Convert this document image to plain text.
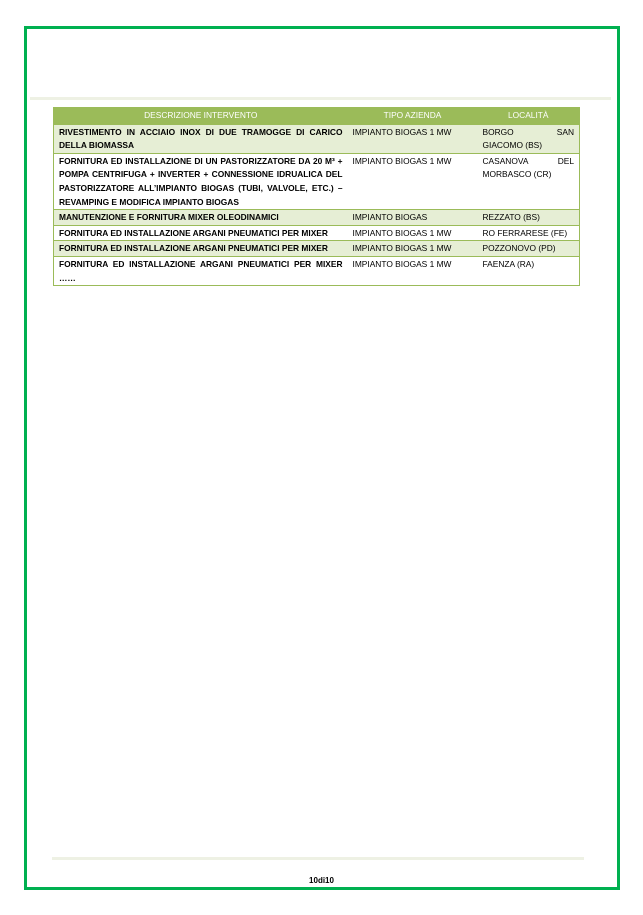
DESCRIZIONE INTERVENTO	TIPO AZIENDA	LOCALITÀ
RIVESTIMENTO IN ACCIAIO INOX DI DUE TRAMOGGE DI CARICO DELLA BIOMASSA	IMPIANTO BIOGAS 1 MW	BORGO SAN GIACOMO (BS)
FORNITURA ED INSTALLAZIONE DI UN PASTORIZZATORE DA 20 M³ + POMPA CENTRIFUGA + INVERTER + CONNESSIONE IDRUALICA DEL PASTORIZZATORE ALL’IMPIANTO BIOGAS (TUBI, VALVOLE, ETC.) – REVAMPING E MODIFICA IMPIANTO BIOGAS	IMPIANTO BIOGAS 1 MW	CASANOVA DEL MORBASCO (CR)
MANUTENZIONE E FORNITURA MIXER OLEODINAMICI	IMPIANTO BIOGAS	REZZATO (BS)
FORNITURA ED INSTALLAZIONE ARGANI PNEUMATICI PER MIXER	IMPIANTO BIOGAS 1 MW	RO FERRARESE (FE)
FORNITURA ED INSTALLAZIONE ARGANI PNEUMATICI PER MIXER	IMPIANTO BIOGAS 1 MW	POZZONOVO (PD)
FORNITURA ED INSTALLAZIONE ARGANI PNEUMATICI PER MIXER ……	IMPIANTO BIOGAS 1 MW	FAENZA (RA)
10di10
